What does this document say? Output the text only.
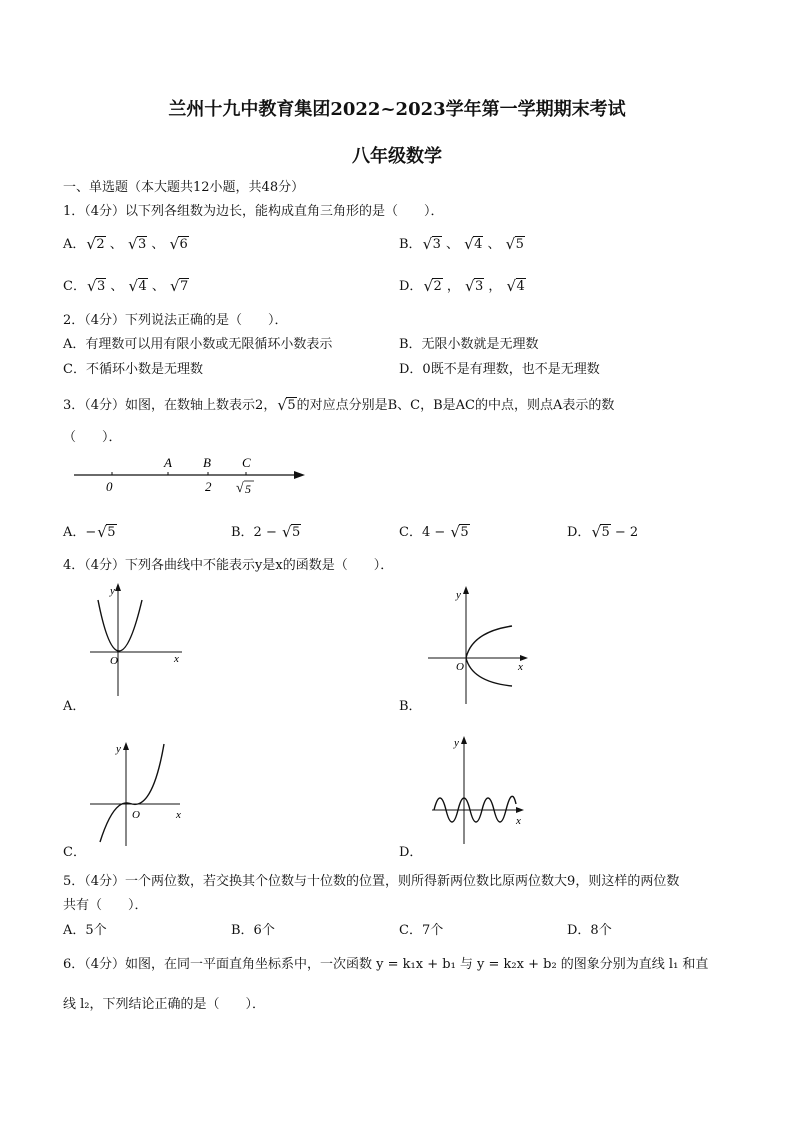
兰州十九中教育集团2022~2023学年第一学期期末考试
八年级数学
一、单选题（本大题共12小题，共48分）
1．（4分）以下列各组数为边长，能构成直角三角形的是（　　）．
A． √ 2 、 √ 3 、 √ 6	B． √ 3 、 √ 4 、 √ 5
C． √ 3 、 √ 4 、 √ 7	D． √ 2 ， √ 3 ， √ 4
2．（4分）下列说法正确的是（　　）．
A．有理数可以用有限小数或无限循环小数表示	B．无限小数就是无理数
C．不循环小数是无理数	D．0既不是有理数，也不是无理数
3．（4分）如图，在数轴上数表示2， √ 5的对应点分别是B、C，B是AC的中点，则点A表示的数
（　　）．
A B C
0	2 √ 5
A．− √ 5	B．2 − √ 5	C．4 − √ 5	D． √ 5 − 2
4．（4分）下列各曲线中不能表示y是x的函数是（　　）．
y
x
O
A．
y
x
O
B．
y
x
O
C．
y
x
D．
5．（4分）一个两位数，若交换其个位数与十位数的位置，则所得新两位数比原两位数大9，则这样的两位数
共有（　　）．
A．5个	B．6个	C．7个	D．8个
6．（4分）如图，在同一平面直角坐标系中，一次函数 y = k₁x + b₁ 与 y = k₂x + b₂ 的图象分别为直线 l₁ 和直
线 l₂，下列结论正确的是（　　）．
